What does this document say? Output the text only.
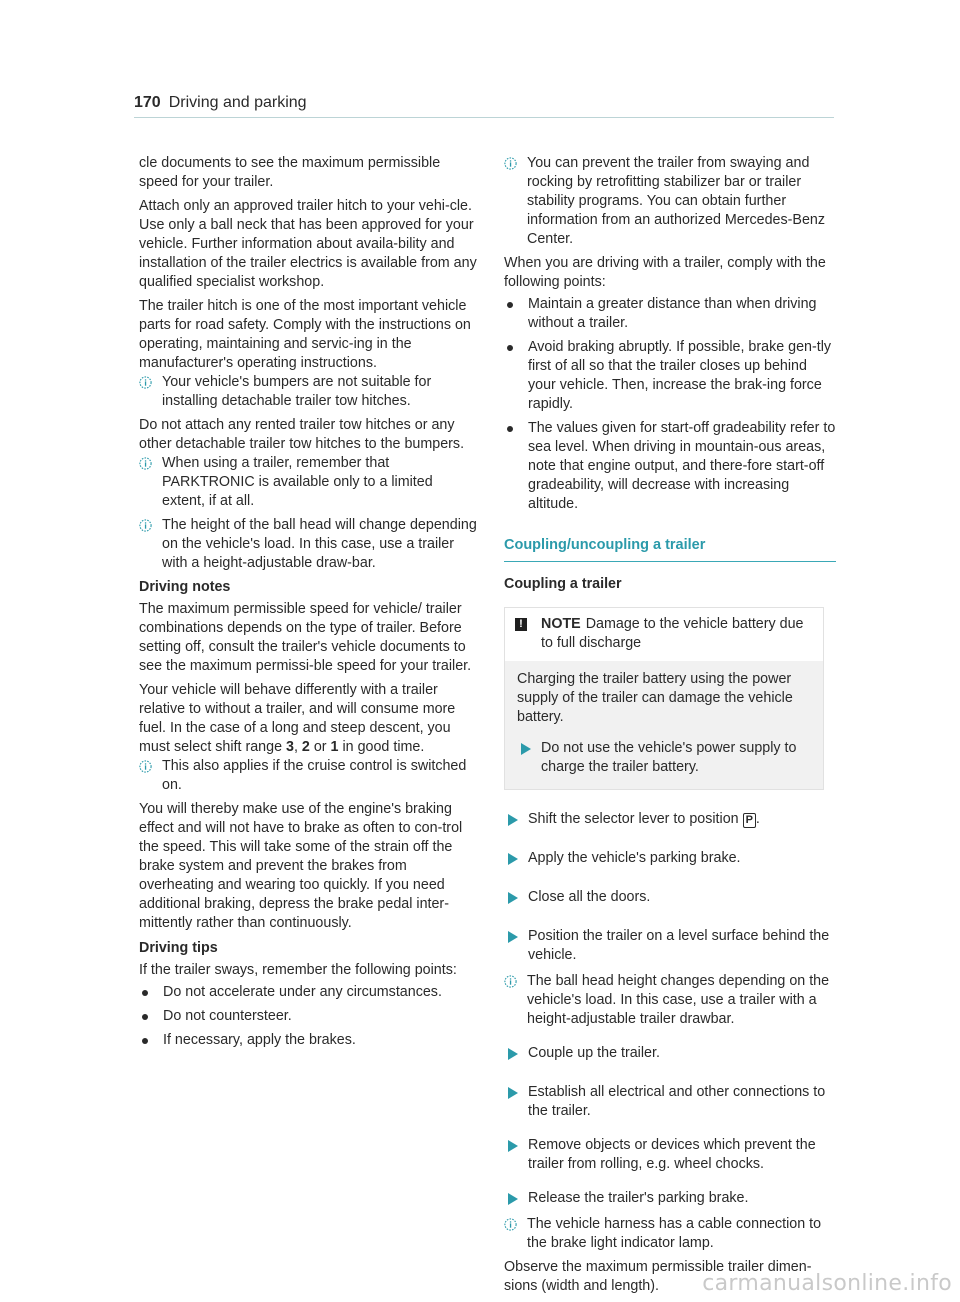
170 Driving and parking

cle documents to see the maximum permissible speed for your trailer.

Attach only an approved trailer hitch to your vehi-cle. Use only a ball neck that has been approved for your vehicle. Further information about availa-bility and installation of the trailer electrics is available from any qualified specialist workshop.

The trailer hitch is one of the most important vehicle parts for road safety. Comply with the instructions on operating, maintaining and servic-ing in the manufacturer's operating instructions.

Your vehicle's bumpers are not suitable for installing detachable trailer tow hitches.

Do not attach any rented trailer tow hitches or any other detachable trailer tow hitches to the bumpers.

When using a trailer, remember that PARKTRONIC is available only to a limited extent, if at all.
The height of the ball head will change depending on the vehicle's load. In this case, use a trailer with a height-adjustable draw-bar.
Driving notes

The maximum permissible speed for vehicle/ trailer combinations depends on the type of trailer. Before setting off, consult the trailer's vehicle documents to see the maximum permissi-ble speed for your trailer.

Your vehicle will behave differently with a trailer relative to without a trailer, and will consume more fuel. In the case of a long and steep descent, you must select shift range 3, 2 or 1 in good time.

This also applies if the cruise control is switched on.

You will thereby make use of the engine's braking effect and will not have to brake as often to con-trol the speed. This will take some of the strain off the brake system and prevent the brakes from overheating and wearing too quickly. If you need additional braking, depress the brake pedal inter-mittently rather than continuously.

Driving tips

If the trailer sways, remember the following points:

Do not accelerate under any circumstances.
Do not countersteer.
If necessary, apply the brakes.
You can prevent the trailer from swaying and rocking by retrofitting stabilizer bar or trailer stability programs. You can obtain further information from an authorized Mercedes-Benz Center.

When you are driving with a trailer, comply with the following points:

Maintain a greater distance than when driving without a trailer.
Avoid braking abruptly. If possible, brake gen-tly first of all so that the trailer closes up behind your vehicle. Then, increase the brak-ing force rapidly.
The values given for start-off gradeability refer to sea level. When driving in mountain-ous areas, note that engine output, and there-fore start-off gradeability, will decrease with increasing altitude.
Coupling/uncoupling a trailer
Coupling a trailer
! NOTE Damage to the vehicle battery due to full discharge
Charging the trailer battery using the power supply of the trailer can damage the vehicle battery.
Do not use the vehicle's power supply to charge the trailer battery.
Shift the selector lever to position P .
Apply the vehicle's parking brake.
Close all the doors.
Position the trailer on a level surface behind the vehicle.
The ball head height changes depending on the vehicle's load. In this case, use a trailer with a height-adjustable trailer drawbar.
Couple up the trailer.
Establish all electrical and other connections to the trailer.
Remove objects or devices which prevent the trailer from rolling, e.g. wheel chocks.
Release the trailer's parking brake.
The vehicle harness has a cable connection to the brake light indicator lamp.

Observe the maximum permissible trailer dimen-sions (width and length).	carmanualsonline.info
